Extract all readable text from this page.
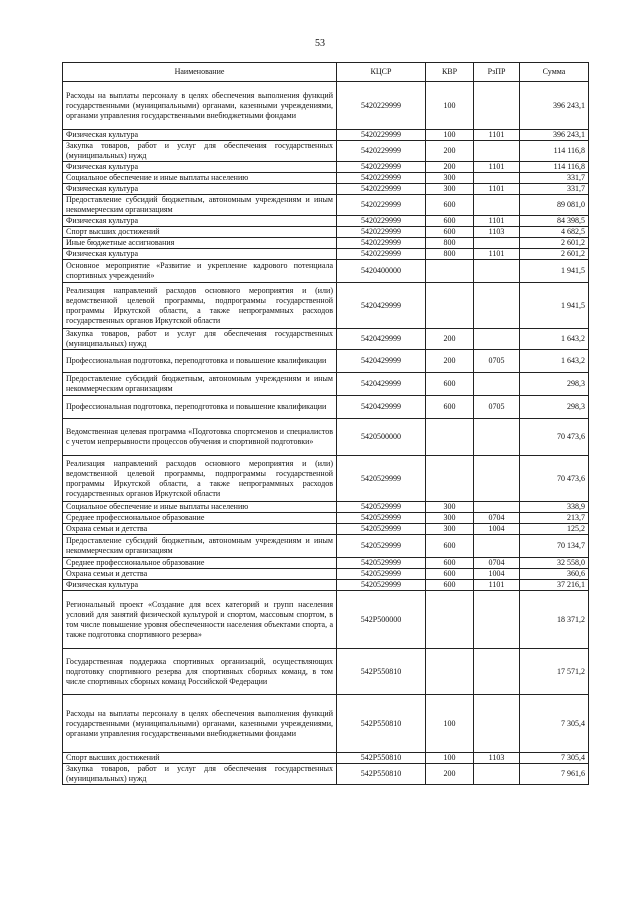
53
Наименование	КЦСР	КВР	РзПР	Сумма
Расходы на выплаты персоналу в целях обеспечения выполнения функций государственными (муниципальными) органами, казенными учреждениями, органами управления государственными внебюджетными фондами	5420229999	100		396 243,1
Физическая культура	5420229999	100	1101	396 243,1
Закупка товаров, работ и услуг для обеспечения государственных (муниципальных) нужд	5420229999	200		114 116,8
Физическая культура	5420229999	200	1101	114 116,8
Социальное обеспечение и иные выплаты населению	5420229999	300		331,7
Физическая культура	5420229999	300	1101	331,7
Предоставление субсидий бюджетным, автономным учреждениям и иным некоммерческим организациям	5420229999	600		89 081,0
Физическая культура	5420229999	600	1101	84 398,5
Спорт высших достижений	5420229999	600	1103	4 682,5
Иные бюджетные ассигнования	5420229999	800		2 601,2
Физическая культура	5420229999	800	1101	2 601,2
Основное мероприятие «Развитие и укрепление кадрового потенциала спортивных учреждений»	5420400000			1 941,5
Реализация направлений расходов основного мероприятия и (или) ведомственной целевой программы, подпрограммы государственной программы Иркутской области, а также непрограммных расходов государственных органов Иркутской области	5420429999			1 941,5
Закупка товаров, работ и услуг для обеспечения государственных (муниципальных) нужд	5420429999	200		1 643,2
Профессиональная подготовка, переподготовка и повышение квалификации	5420429999	200	0705	1 643,2
Предоставление субсидий бюджетным, автономным учреждениям и иным некоммерческим организациям	5420429999	600		298,3
Профессиональная подготовка, переподготовка и повышение квалификации	5420429999	600	0705	298,3
Ведомственная целевая программа «Подготовка спортсменов и специалистов с учетом непрерывности процессов обучения и спортивной подготовки»	5420500000			70 473,6
Реализация направлений расходов основного мероприятия и (или) ведомственной целевой программы, подпрограммы государственной программы Иркутской области, а также непрограммных расходов государственных органов Иркутской области	5420529999			70 473,6
Социальное обеспечение и иные выплаты населению	5420529999	300		338,9
Среднее профессиональное образование	5420529999	300	0704	213,7
Охрана семьи и детства	5420529999	300	1004	125,2
Предоставление субсидий бюджетным, автономным учреждениям и иным некоммерческим организациям	5420529999	600		70 134,7
Среднее профессиональное образование	5420529999	600	0704	32 558,0
Охрана семьи и детства	5420529999	600	1004	360,6
Физическая культура	5420529999	600	1101	37 216,1
Региональный проект «Создание для всех категорий и групп населения условий для занятий физической культурой и спортом, массовым спортом, в том числе повышение уровня обеспеченности населения объектами спорта, а также подготовка спортивного резерва»	542P500000			18 371,2
Государственная поддержка спортивных организаций, осуществляющих подготовку спортивного резерва для спортивных сборных команд, в том числе спортивных сборных команд Российской Федерации	542P550810			17 571,2
Расходы на выплаты персоналу в целях обеспечения выполнения функций государственными (муниципальными) органами, казенными учреждениями, органами управления государственными внебюджетными фондами	542P550810	100		7 305,4
Спорт высших достижений	542P550810	100	1103	7 305,4
Закупка товаров, работ и услуг для обеспечения государственных (муниципальных) нужд	542P550810	200		7 961,6
